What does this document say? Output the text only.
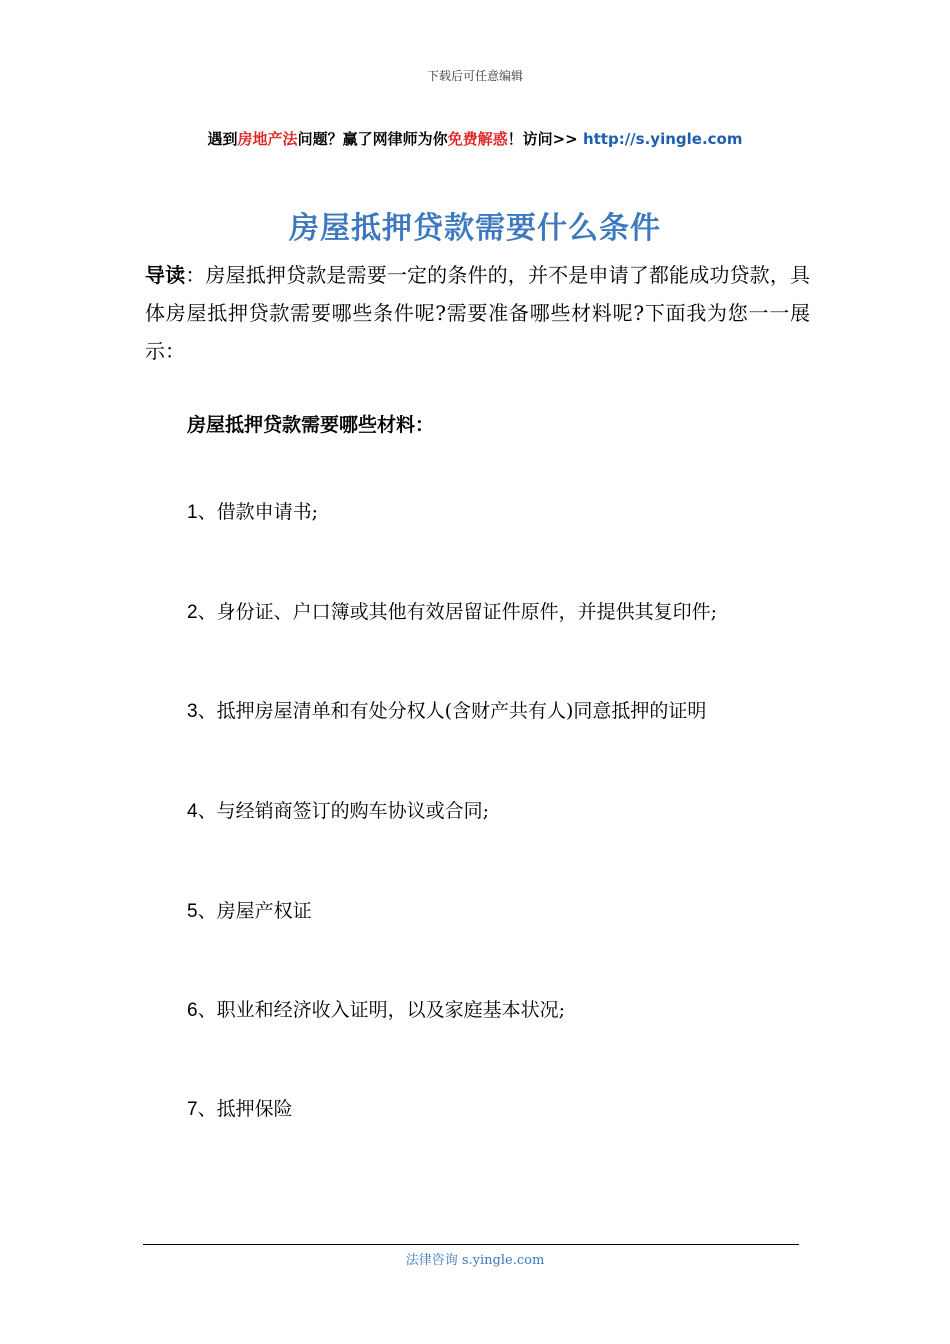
下载后可任意编辑
遇到房地产法问题？赢了网律师为你免费解惑！访问>> http://s.yingle.com
房屋抵押贷款需要什么条件
导读：房屋抵押贷款是需要一定的条件的，并不是申请了都能成功贷款，具体房屋抵押贷款需要哪些条件呢?需要准备哪些材料呢?下面我为您一一展示：
房屋抵押贷款需要哪些材料：
1、借款申请书;
2、身份证、户口簿或其他有效居留证件原件，并提供其复印件;
3、抵押房屋清单和有处分权人(含财产共有人)同意抵押的证明
4、与经销商签订的购车协议或合同;
5、房屋产权证
6、职业和经济收入证明，以及家庭基本状况;
7、抵押保险
法律咨询 s.yingle.com
